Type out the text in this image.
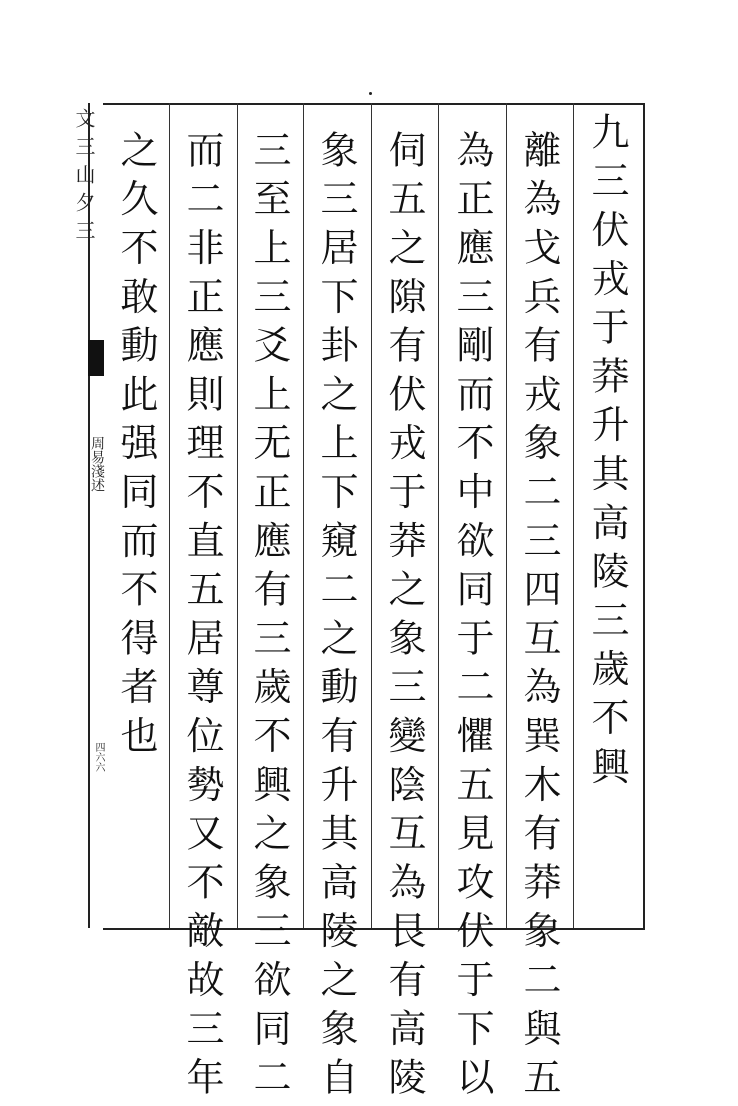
文三山夕三
周易淺述
四六六	九三伏戎于莽升其高陵三歲不興
離為戈兵有戎象二三四互為巽木有莽象二與五
為正應三剛而不中欲同于二懼五見攻伏于下以
伺五之隙有伏戎于莽之象三變陰互為艮有高陵
象三居下卦之上下窺二之動有升其高陵之象自
三至上三爻上无正應有三歲不興之象三欲同二
而二非正應則理不直五居尊位勢又不敵故三年
之久不敢動此强同而不得者也
